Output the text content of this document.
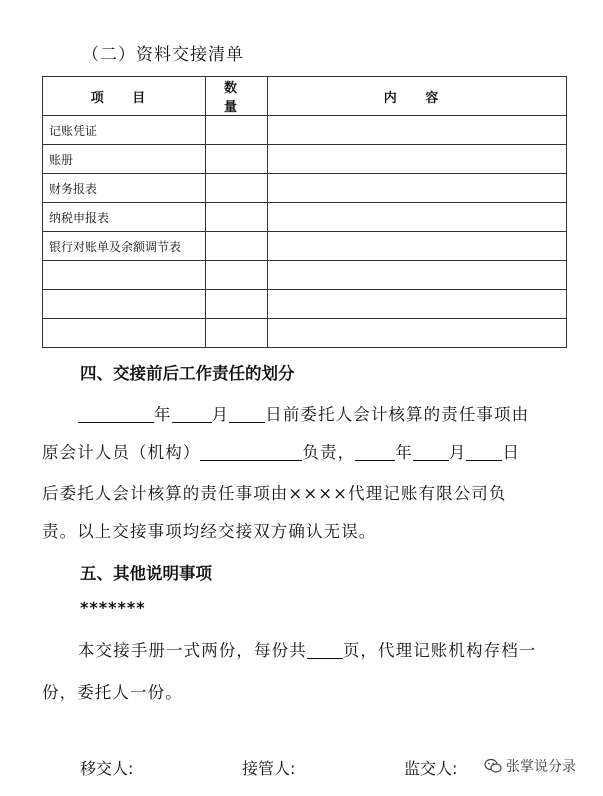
（二）资料交接清单
项 目	数 量	内 容
记账凭证		
账册		
财务报表		
纳税申报表		
银行对账单及余额调节表		

四、交接前后工作责任的划分
年 月 日前委托人会计核算的责任事项由
原会计人员（机构）	负责， 年 月 日
后委托人会计核算的责任事项由××××代理记账有限公司负
责。以上交接事项均经交接双方确认无误。
五、其他说明事项
*******
本交接手册一式两份，每份共 页，代理记账机构存档一
份，委托人一份。
移交人:	接管人:	监交人:	张掌说分录
